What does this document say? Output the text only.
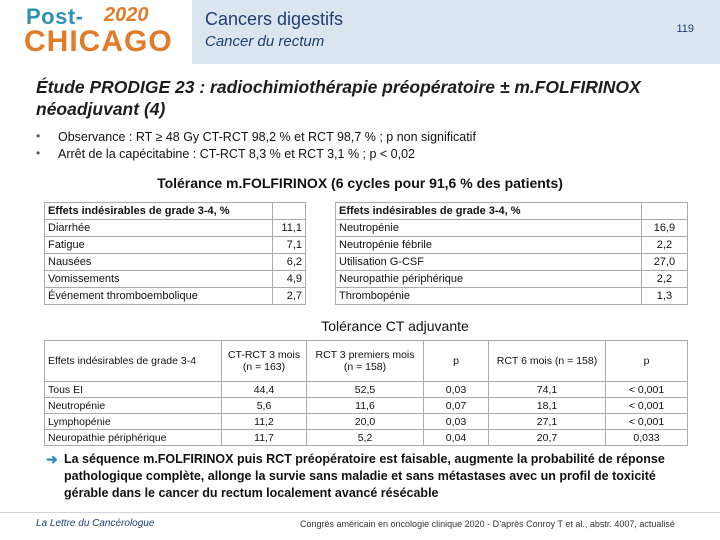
Post- 2020
CHICAGO
Cancers digestifs
Cancer du rectum
119
Étude PRODIGE 23 : radiochimiothérapie préopératoire ± m.FOLFIRINOX néoadjuvant (4)
• Observance : RT ≥ 48 Gy CT-RCT 98,2 % et RCT 98,7 % ; p non significatif
• Arrêt de la capécitabine : CT-RCT 8,3 % et RCT 3,1 % ; p < 0,02
Tolérance m.FOLFIRINOX (6 cycles pour 91,6 % des patients)
Effets indésirables de grade 3-4, %	
Diarrhée	11,1
Fatigue	7,1
Nausées	6,2
Vomissements	4,9
Événement thromboembolique	2,7
Effets indésirables de grade 3-4, %	
Neutropénie	16,9
Neutropénie fébrile	2,2
Utilisation G-CSF	27,0
Neuropathie périphérique	2,2
Thrombopénie	1,3
Tolérance CT adjuvante
Effets indésirables de grade 3-4	CT-RCT 3 mois (n = 163)	RCT 3 premiers mois (n = 158)	p	RCT 6 mois (n = 158)	p
Tous EI	44,4	52,5	0,03	74,1	< 0,001
Neutropénie	5,6	11,6	0,07	18,1	< 0,001
Lymphopénie	11,2	20,0	0,03	27,1	< 0,001
Neuropathie périphérique	11,7	5,2	0,04	20,7	0,033
➜ La séquence m.FOLFIRINOX puis RCT préopératoire est faisable, augmente la probabilité de réponse pathologique complète, allonge la survie sans maladie et sans métastases avec un profil de toxicité gérable dans le cancer du rectum localement avancé résécable
La Lettre du Cancérologue	Congrès américain en oncologie clinique 2020 - D’après Conroy T et al., abstr. 4007, actualisé
